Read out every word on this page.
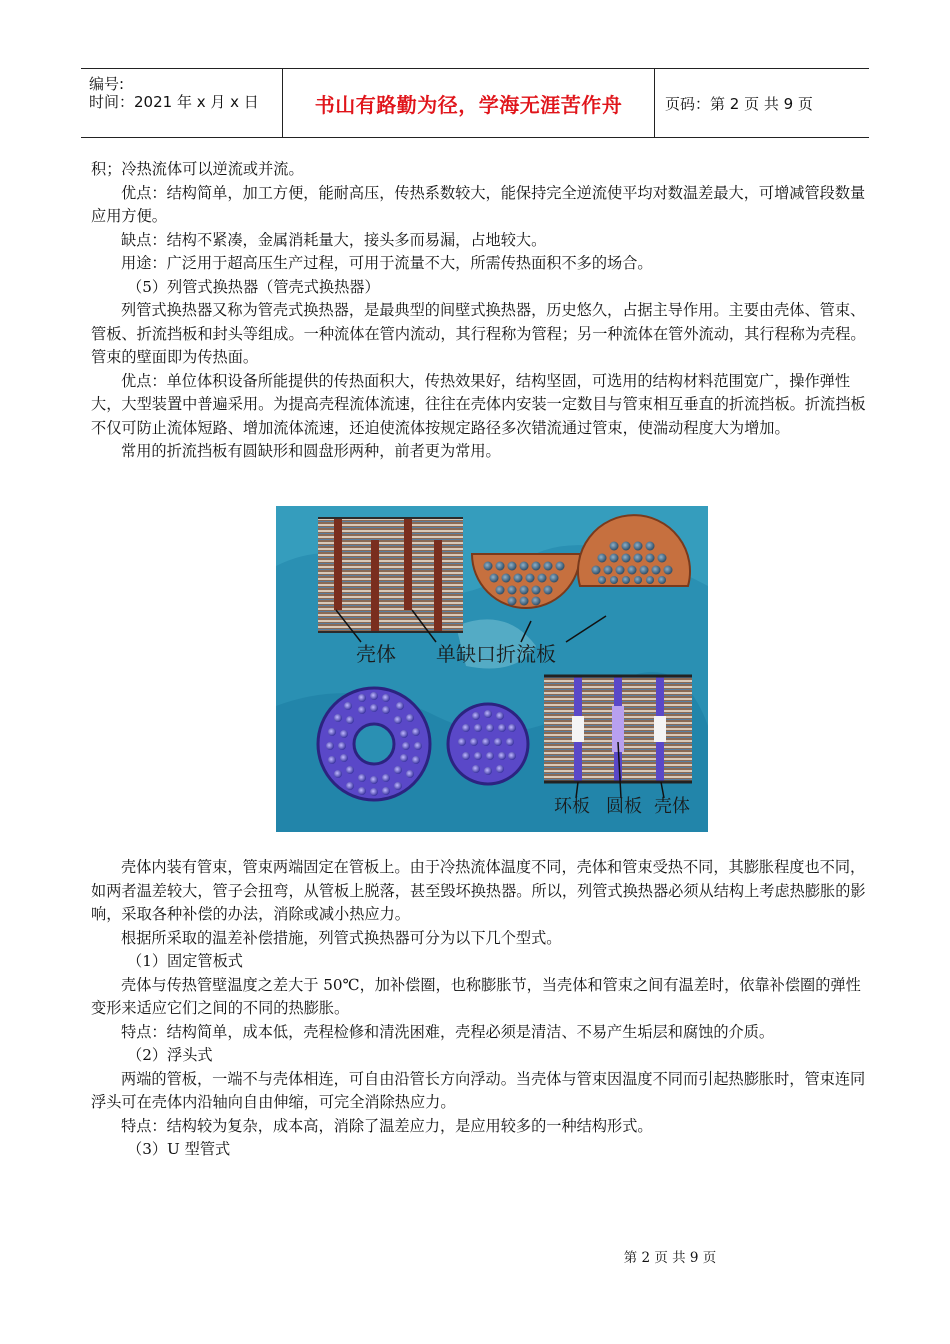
编号:
时间：2021 年 x 月 x 日	书山有路勤为径，学海无涯苦作舟	页码：第 2 页 共 9 页

积；冷热流体可以逆流或并流。

优点：结构简单，加工方便，能耐高压，传热系数较大，能保持完全逆流使平均对数温差最大，可增减管段数量应用方便。

缺点：结构不紧凑，金属消耗量大，接头多而易漏，占地较大。

用途：广泛用于超高压生产过程，可用于流量不大，所需传热面积不多的场合。

（5）列管式换热器（管壳式换热器）

列管式换热器又称为管壳式换热器，是最典型的间壁式换热器，历史悠久，占据主导作用。主要由壳体、管束、管板、折流挡板和封头等组成。一种流体在管内流动，其行程称为管程；另一种流体在管外流动，其行程称为壳程。管束的壁面即为传热面。

优点：单位体积设备所能提供的传热面积大，传热效果好，结构坚固，可选用的结构材料范围宽广，操作弹性大，大型装置中普遍采用。为提高壳程流体流速，往往在壳体内安装一定数目与管束相互垂直的折流挡板。折流挡板不仅可防止流体短路、增加流体流速，还迫使流体按规定路径多次错流通过管束，使湍动程度大为增加。

常用的折流挡板有圆缺形和圆盘形两种，前者更为常用。

壳体 单缺口折流板
环板 圆板 壳体

壳体内装有管束，管束两端固定在管板上。由于冷热流体温度不同，壳体和管束受热不同，其膨胀程度也不同，如两者温差较大，管子会扭弯，从管板上脱落，甚至毁坏换热器。所以，列管式换热器必须从结构上考虑热膨胀的影响，采取各种补偿的办法，消除或减小热应力。

根据所采取的温差补偿措施，列管式换热器可分为以下几个型式。

（1）固定管板式

壳体与传热管壁温度之差大于 50℃，加补偿圈，也称膨胀节，当壳体和管束之间有温差时，依靠补偿圈的弹性变形来适应它们之间的不同的热膨胀。

特点：结构简单，成本低，壳程检修和清洗困难，壳程必须是清洁、不易产生垢层和腐蚀的介质。

（2）浮头式

两端的管板，一端不与壳体相连，可自由沿管长方向浮动。当壳体与管束因温度不同而引起热膨胀时，管束连同浮头可在壳体内沿轴向自由伸缩，可完全消除热应力。

特点：结构较为复杂，成本高，消除了温差应力，是应用较多的一种结构形式。

（3）U 型管式

第 2 页 共 9 页
